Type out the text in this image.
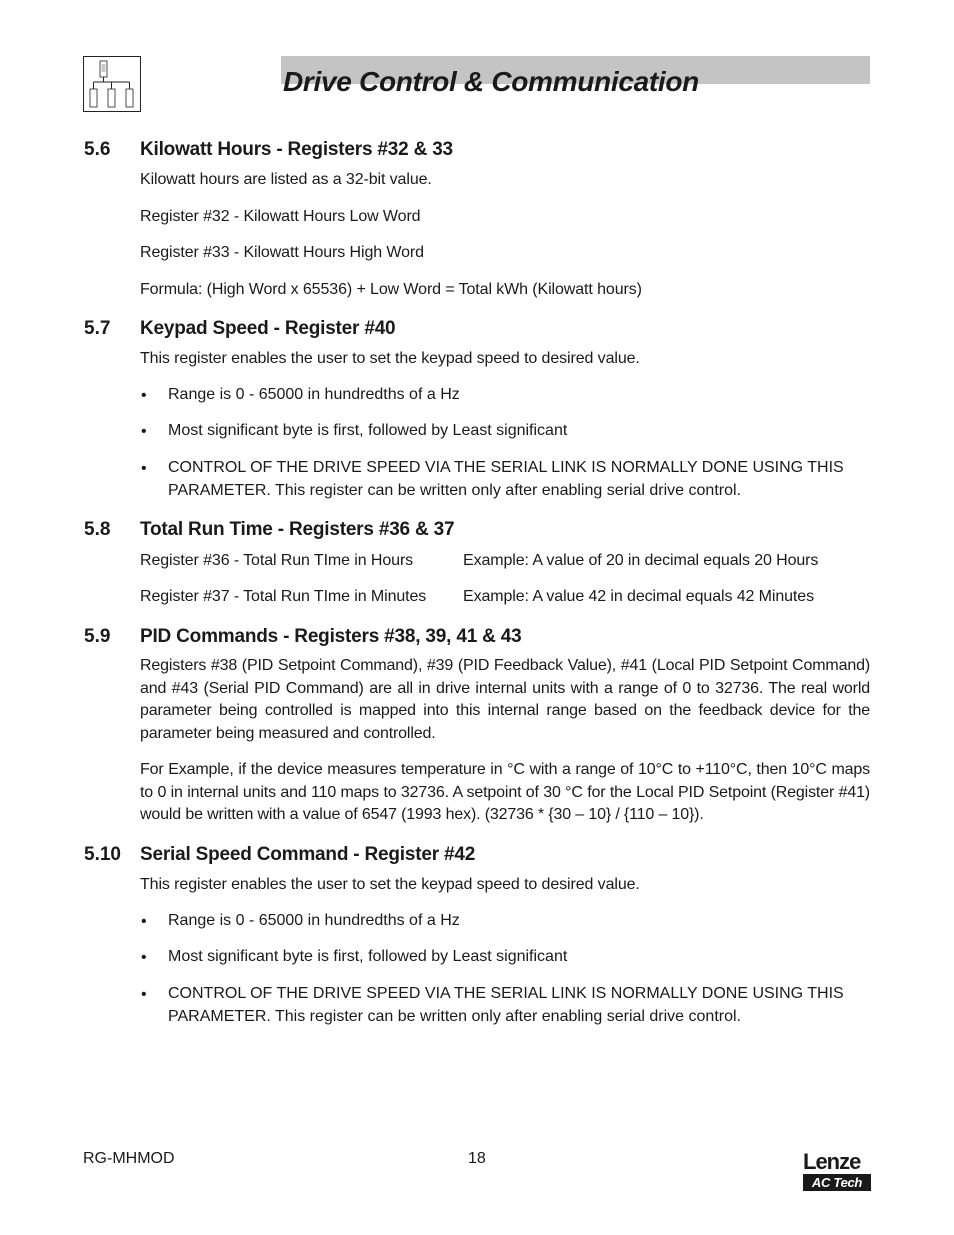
Drive Control & Communication
5.6 Kilowatt Hours - Registers #32 & 33
Kilowatt hours are listed as a 32-bit value.
Register #32 - Kilowatt Hours Low Word
Register #33 - Kilowatt Hours High Word
Formula: (High Word x 65536) + Low Word = Total kWh (Kilowatt hours)
5.7 Keypad Speed - Register #40
This register enables the user to set the keypad speed to desired value.
• Range is 0 - 65000 in hundredths of a Hz
• Most significant byte is first, followed by Least significant
• CONTROL OF THE DRIVE SPEED VIA THE SERIAL LINK IS NORMALLY DONE USING THIS PARAMETER. This register can be written only after enabling serial drive control.
5.8 Total Run Time - Registers #36 & 37
Register #36 - Total Run TIme in Hours	Example: A value of 20 in decimal equals 20 Hours
Register #37 - Total Run TIme in Minutes Example: A value 42 in decimal equals 42 Minutes
5.9 PID Commands - Registers #38, 39, 41 & 43
Registers #38 (PID Setpoint Command), #39 (PID Feedback Value), #41 (Local PID Setpoint Command) and #43 (Serial PID Command) are all in drive internal units with a range of 0 to 32736. The real world parameter being controlled is mapped into this internal range based on the feedback device for the parameter being measured and controlled.
For Example, if the device measures temperature in °C with a range of 10°C to +110°C, then 10°C maps to 0 in internal units and 110 maps to 32736. A setpoint of 30 °C for the Local PID Setpoint (Register #41) would be written with a value of 6547 (1993 hex). (32736 * {30 – 10} / {110 – 10}).
5.10 Serial Speed Command - Register #42
This register enables the user to set the keypad speed to desired value.
• Range is 0 - 65000 in hundredths of a Hz
• Most significant byte is first, followed by Least significant
• CONTROL OF THE DRIVE SPEED VIA THE SERIAL LINK IS NORMALLY DONE USING THIS PARAMETER. This register can be written only after enabling serial drive control.
RG-MHMOD	18	Lenze
AC Tech
